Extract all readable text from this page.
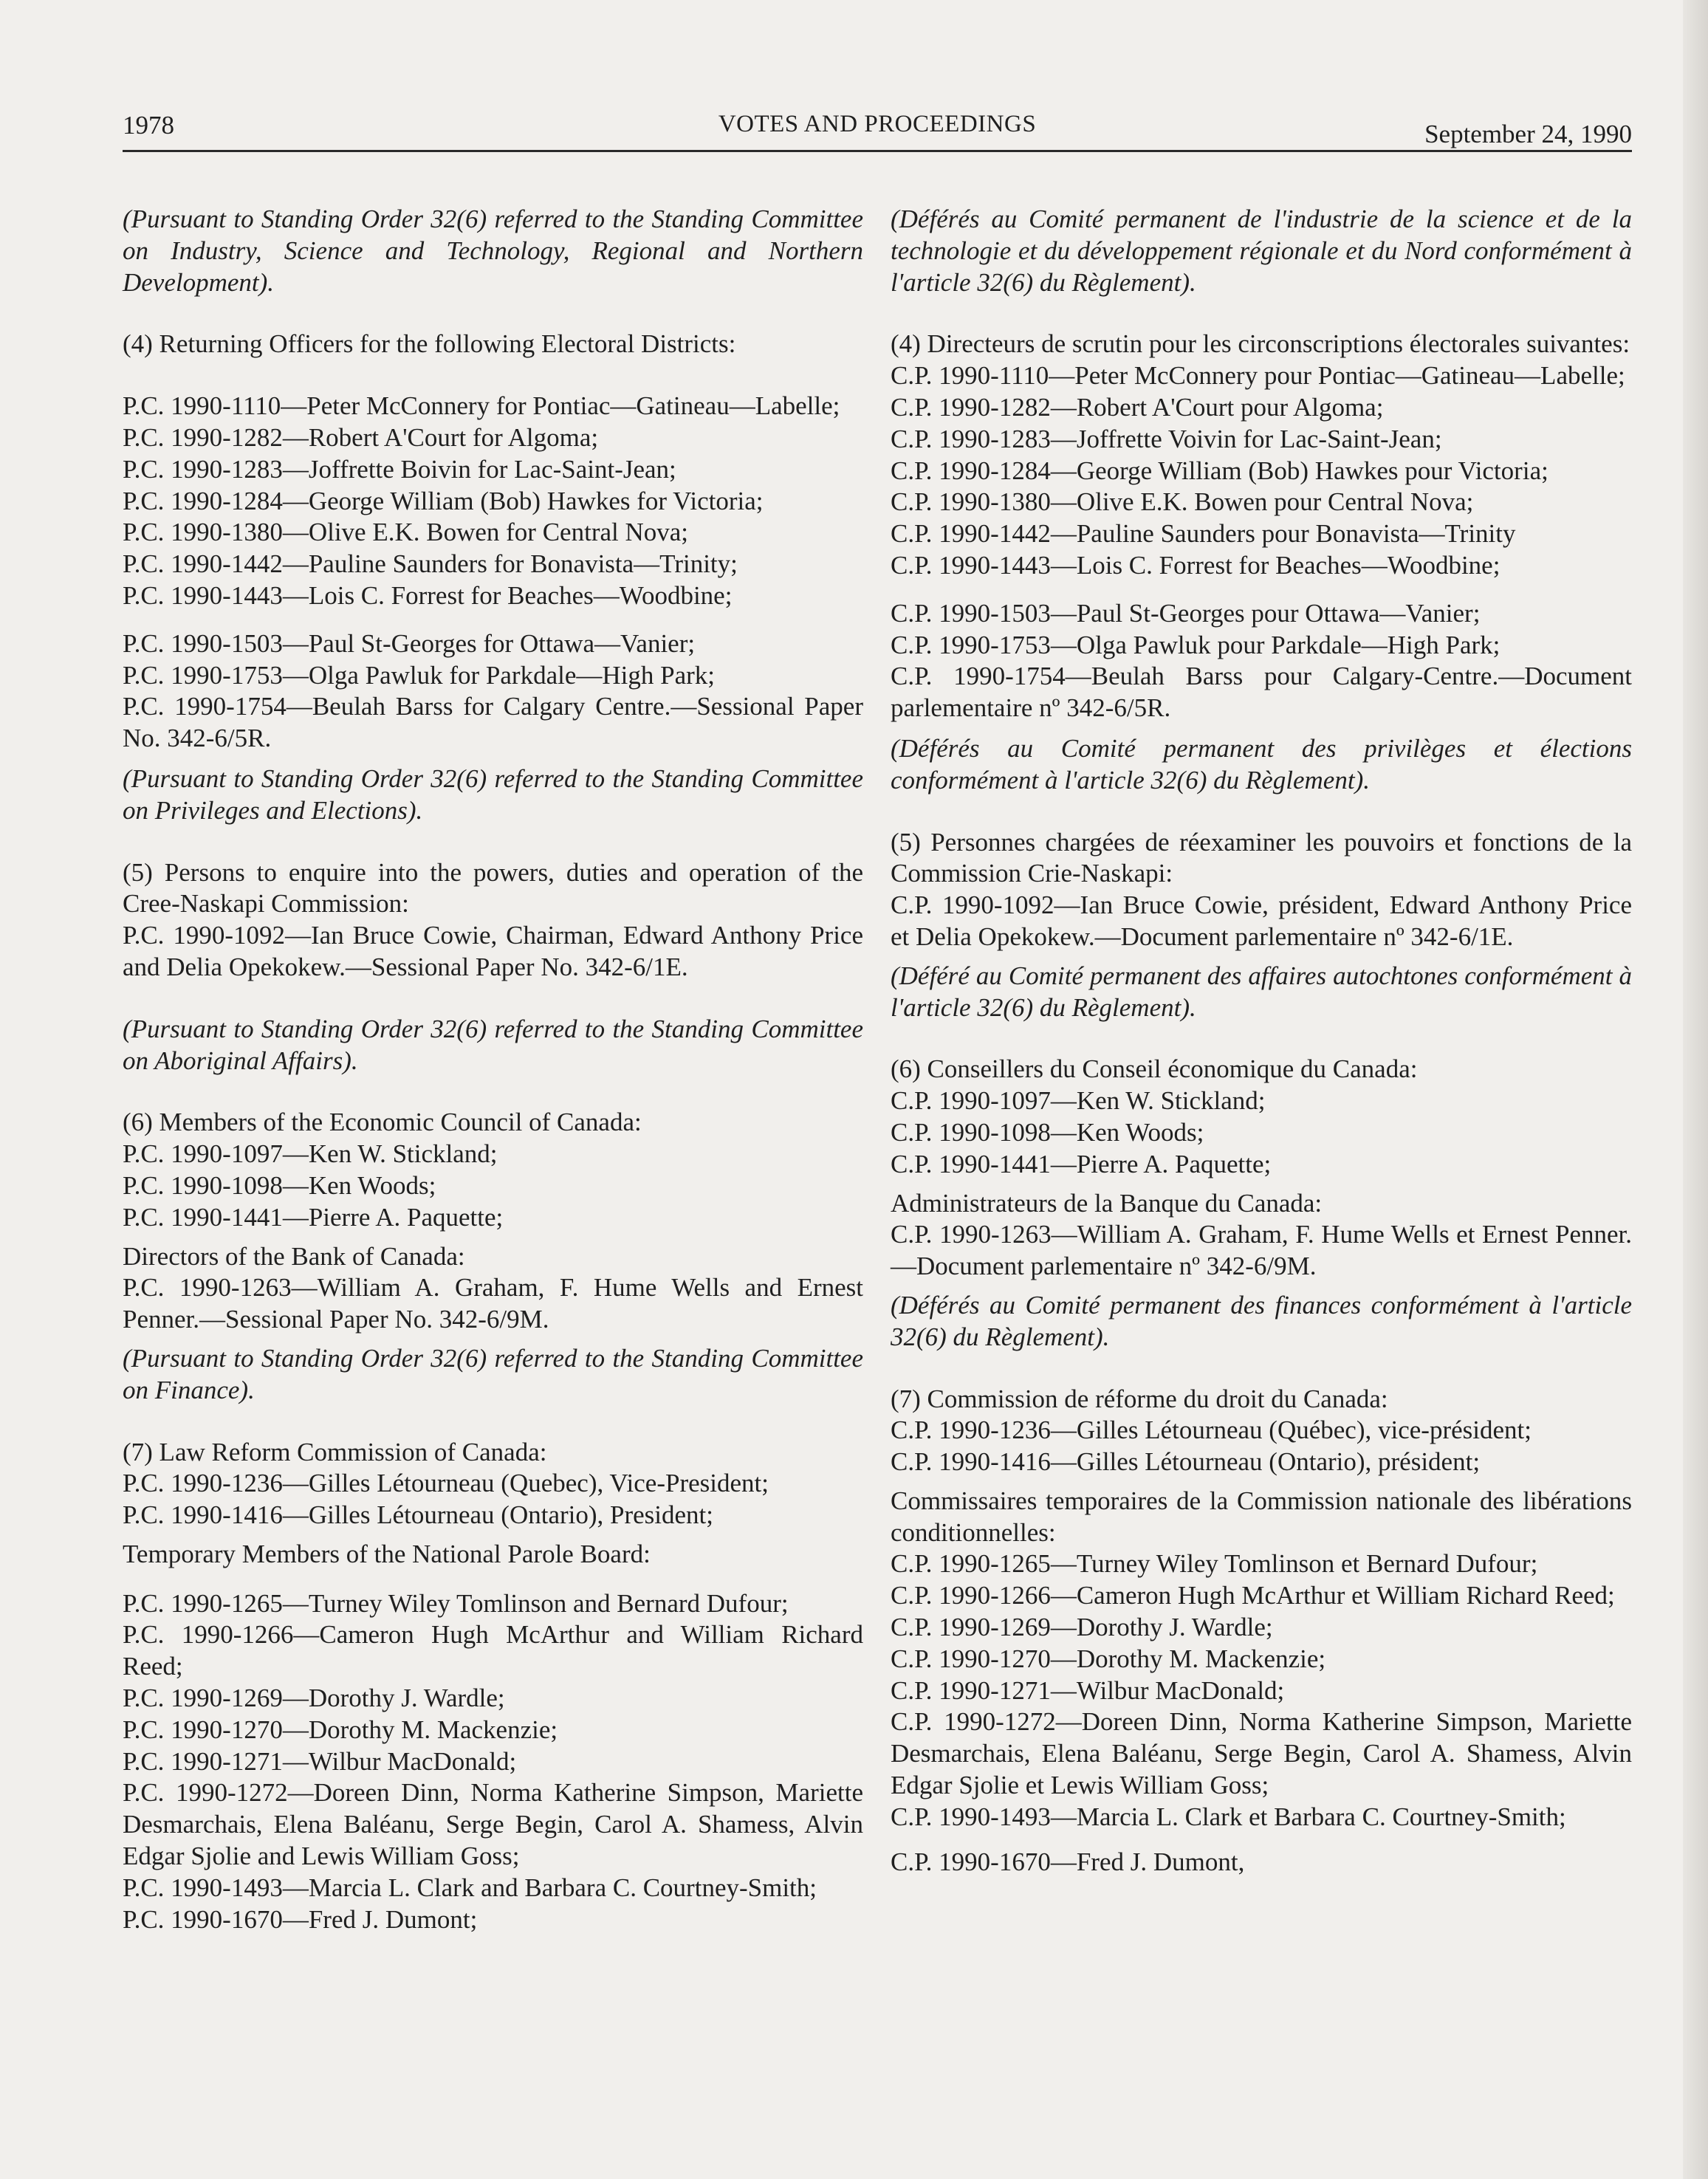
1978	VOTES AND PROCEEDINGS	September 24, 1990

(Pursuant to Standing Order 32(6) referred to the Standing Committee on Industry, Science and Technology, Regional and Northern Development).

(4) Returning Officers for the following Electoral Districts:

P.C. 1990-1110—Peter McConnery for Pontiac—Gatineau—Labelle;
P.C. 1990-1282—Robert A'Court for Algoma;
P.C. 1990-1283—Joffrette Boivin for Lac-Saint-Jean;
P.C. 1990-1284—George William (Bob) Hawkes for Victoria;
P.C. 1990-1380—Olive E.K. Bowen for Central Nova;
P.C. 1990-1442—Pauline Saunders for Bonavista—Trinity;
P.C. 1990-1443—Lois C. Forrest for Beaches—Woodbine;

P.C. 1990-1503—Paul St-Georges for Ottawa—Vanier;
P.C. 1990-1753—Olga Pawluk for Parkdale—High Park;
P.C. 1990-1754—Beulah Barss for Calgary Centre.—Sessional Paper No. 342-6/5R.

(Pursuant to Standing Order 32(6) referred to the Standing Committee on Privileges and Elections).

(5) Persons to enquire into the powers, duties and operation of the Cree-Naskapi Commission:

P.C. 1990-1092—Ian Bruce Cowie, Chairman, Edward Anthony Price and Delia Opekokew.—Sessional Paper No. 342-6/1E.

(Pursuant to Standing Order 32(6) referred to the Standing Committee on Aboriginal Affairs).

(6) Members of the Economic Council of Canada:

P.C. 1990-1097—Ken W. Stickland;
P.C. 1990-1098—Ken Woods;
P.C. 1990-1441—Pierre A. Paquette;

Directors of the Bank of Canada:

P.C. 1990-1263—William A. Graham, F. Hume Wells and Ernest Penner.—Sessional Paper No. 342-6/9M.

(Pursuant to Standing Order 32(6) referred to the Standing Committee on Finance).

(7) Law Reform Commission of Canada:

P.C. 1990-1236—Gilles Létourneau (Quebec), Vice-President;
P.C. 1990-1416—Gilles Létourneau (Ontario), President;

Temporary Members of the National Parole Board:

P.C. 1990-1265—Turney Wiley Tomlinson and Bernard Dufour;
P.C. 1990-1266—Cameron Hugh McArthur and William Richard Reed;
P.C. 1990-1269—Dorothy J. Wardle;
P.C. 1990-1270—Dorothy M. Mackenzie;
P.C. 1990-1271—Wilbur MacDonald;
P.C. 1990-1272—Doreen Dinn, Norma Katherine Simpson, Mariette Desmarchais, Elena Baléanu, Serge Begin, Carol A. Shamess, Alvin Edgar Sjolie and Lewis William Goss;
P.C. 1990-1493—Marcia L. Clark and Barbara C. Courtney-Smith;
P.C. 1990-1670—Fred J. Dumont;

(Déférés au Comité permanent de l'industrie de la science et de la technologie et du développement régionale et du Nord conformément à l'article 32(6) du Règlement).

(4) Directeurs de scrutin pour les circonscriptions électorales suivantes:

C.P. 1990-1110—Peter McConnery pour Pontiac—Gatineau—Labelle;
C.P. 1990-1282—Robert A'Court pour Algoma;
C.P. 1990-1283—Joffrette Voivin for Lac-Saint-Jean;
C.P. 1990-1284—George William (Bob) Hawkes pour Victoria;
C.P. 1990-1380—Olive E.K. Bowen pour Central Nova;
C.P. 1990-1442—Pauline Saunders pour Bonavista—Trinity
C.P. 1990-1443—Lois C. Forrest for Beaches—Woodbine;

C.P. 1990-1503—Paul St-Georges pour Ottawa—Vanier;
C.P. 1990-1753—Olga Pawluk pour Parkdale—High Park;
C.P. 1990-1754—Beulah Barss pour Calgary-Centre.—Document parlementaire nº 342-6/5R.

(Déférés au Comité permanent des privilèges et élections conformément à l'article 32(6) du Règlement).

(5) Personnes chargées de réexaminer les pouvoirs et fonctions de la Commission Crie-Naskapi:

C.P. 1990-1092—Ian Bruce Cowie, président, Edward Anthony Price et Delia Opekokew.—Document parlementaire nº 342-6/1E.

(Déféré au Comité permanent des affaires autochtones conformément à l'article 32(6) du Règlement).

(6) Conseillers du Conseil économique du Canada:

C.P. 1990-1097—Ken W. Stickland;
C.P. 1990-1098—Ken Woods;
C.P. 1990-1441—Pierre A. Paquette;

Administrateurs de la Banque du Canada:

C.P. 1990-1263—William A. Graham, F. Hume Wells et Ernest Penner.—Document parlementaire nº 342-6/9M.

(Déférés au Comité permanent des finances conformément à l'article 32(6) du Règlement).

(7) Commission de réforme du droit du Canada:

C.P. 1990-1236—Gilles Létourneau (Québec), vice-président;
C.P. 1990-1416—Gilles Létourneau (Ontario), président;

Commissaires temporaires de la Commission nationale des libérations conditionnelles:

C.P. 1990-1265—Turney Wiley Tomlinson et Bernard Dufour;
C.P. 1990-1266—Cameron Hugh McArthur et William Richard Reed;
C.P. 1990-1269—Dorothy J. Wardle;
C.P. 1990-1270—Dorothy M. Mackenzie;
C.P. 1990-1271—Wilbur MacDonald;
C.P. 1990-1272—Doreen Dinn, Norma Katherine Simpson, Mariette Desmarchais, Elena Baléanu, Serge Begin, Carol A. Shamess, Alvin Edgar Sjolie et Lewis William Goss;
C.P. 1990-1493—Marcia L. Clark et Barbara C. Courtney-Smith;
C.P. 1990-1670—Fred J. Dumont,
